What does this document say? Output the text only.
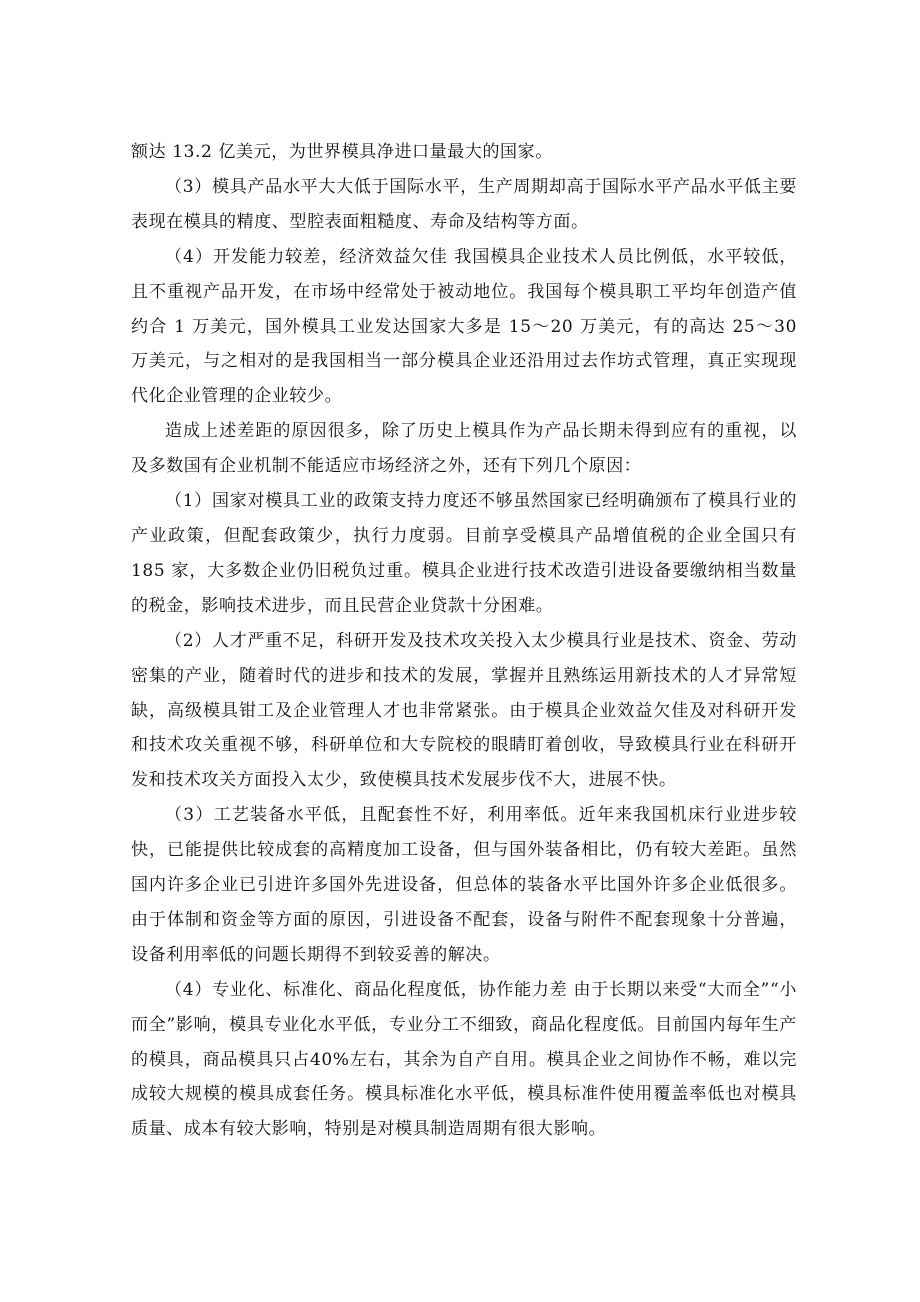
额达 13.2 亿美元，为世界模具净进口量最大的国家。

（3）模具产品水平大大低于国际水平，生产周期却高于国际水平产品水平低主要表现在模具的精度、型腔表面粗糙度、寿命及结构等方面。

（4）开发能力较差，经济效益欠佳 我国模具企业技术人员比例低，水平较低，且不重视产品开发，在市场中经常处于被动地位。我国每个模具职工平均年创造产值约合 1 万美元，国外模具工业发达国家大多是 15～20 万美元，有的高达 25～30 万美元，与之相对的是我国相当一部分模具企业还沿用过去作坊式管理，真正实现现代化企业管理的企业较少。

造成上述差距的原因很多，除了历史上模具作为产品长期未得到应有的重视，以及多数国有企业机制不能适应市场经济之外，还有下列几个原因：

（1）国家对模具工业的政策支持力度还不够虽然国家已经明确颁布了模具行业的产业政策，但配套政策少，执行力度弱。目前享受模具产品增值税的企业全国只有 185 家，大多数企业仍旧税负过重。模具企业进行技术改造引进设备要缴纳相当数量的税金，影响技术进步，而且民营企业贷款十分困难。

（2）人才严重不足，科研开发及技术攻关投入太少模具行业是技术、资金、劳动密集的产业，随着时代的进步和技术的发展，掌握并且熟练运用新技术的人才异常短缺，高级模具钳工及企业管理人才也非常紧张。由于模具企业效益欠佳及对科研开发和技术攻关重视不够，科研单位和大专院校的眼睛盯着创收，导致模具行业在科研开发和技术攻关方面投入太少，致使模具技术发展步伐不大，进展不快。

（3）工艺装备水平低，且配套性不好，利用率低。近年来我国机床行业进步较快，已能提供比较成套的高精度加工设备，但与国外装备相比，仍有较大差距。虽然国内许多企业已引进许多国外先进设备，但总体的装备水平比国外许多企业低很多。由于体制和资金等方面的原因，引进设备不配套，设备与附件不配套现象十分普遍，设备利用率低的问题长期得不到较妥善的解决。

（4）专业化、标准化、商品化程度低，协作能力差 由于长期以来受“大而全”“小而全”影响，模具专业化水平低，专业分工不细致，商品化程度低。目前国内每年生产的模具，商品模具只占40%左右，其余为自产自用。模具企业之间协作不畅，难以完成较大规模的模具成套任务。模具标准化水平低，模具标准件使用覆盖率低也对模具质量、成本有较大影响，特别是对模具制造周期有很大影响。
